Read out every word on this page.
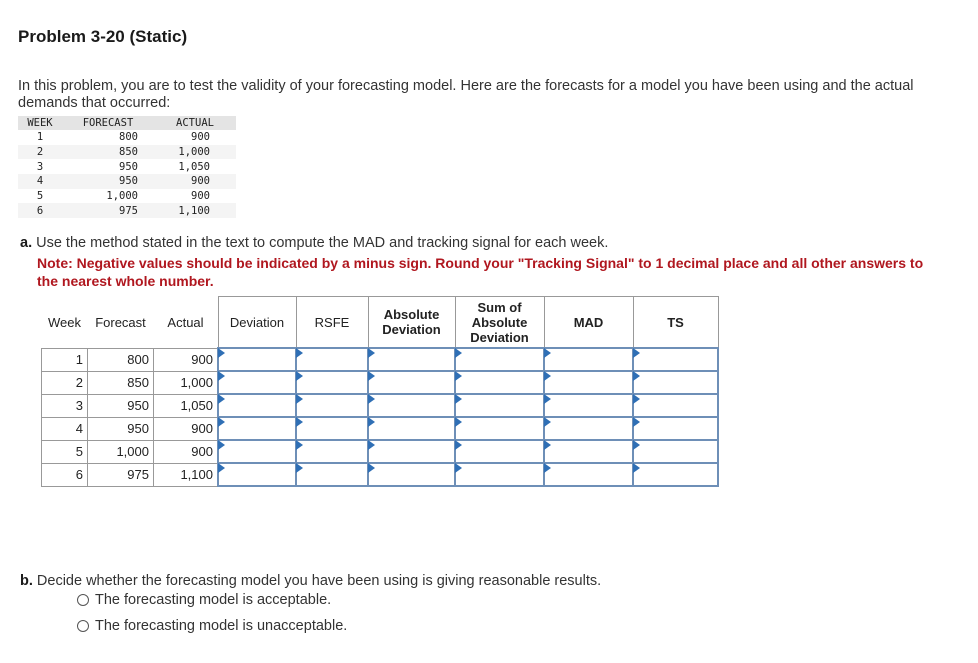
Problem 3-20 (Static)
In this problem, you are to test the validity of your forecasting model. Here are the forecasts for a model you have been using and the actual demands that occurred:
WEEK	FORECAST	ACTUAL
1	800	900
2	850	1,000
3	950	1,050
4	950	900
5	1,000	900
6	975	1,100
a. Use the method stated in the text to compute the MAD and tracking signal for each week.
Note: Negative values should be indicated by a minus sign. Round your "Tracking Signal" to 1 decimal place and all other answers to the nearest whole number.
Week	Forecast	Actual	Deviation	RSFE	Absolute Deviation	Sum of Absolute Deviation	MAD	TS
1	800	900	

2	850	1,000	

3	950	1,050	

4	950	900	

5	1,000	900	

6	975	1,100	

b. Decide whether the forecasting model you have been using is giving reasonable results.
The forecasting model is acceptable.
The forecasting model is unacceptable.
